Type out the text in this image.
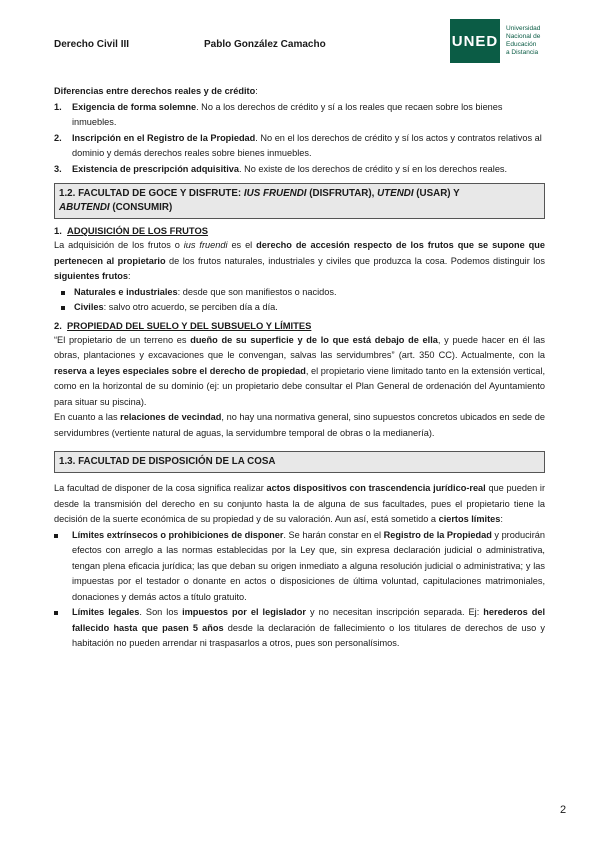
Derecho Civil III	Pablo González Camacho	UNED
Universidad
Nacional de
Educación
a Distancia

Diferencias entre derechos reales y de crédito:

1. Exigencia de forma solemne. No a los derechos de crédito y sí a los reales que recaen sobre los bienes inmuebles.
2. Inscripción en el Registro de la Propiedad. No en el los derechos de crédito y sí los actos y contratos relativos al dominio y demás derechos reales sobre bienes inmuebles.
3. Existencia de prescripción adquisitiva. No existe de los derechos de crédito y sí en los derechos reales.
1.2. FACULTAD DE GOCE Y DISFRUTE: IUS FRUENDI (DISFRUTAR), UTENDI (USAR) Y
ABUTENDI (CONSUMIR)
1. ADQUISICIÓN DE LOS FRUTOS

La adquisición de los frutos o ius fruendi es el derecho de accesión respecto de los frutos que se supone que pertenecen al propietario de los frutos naturales, industriales y civiles que produzca la cosa. Podemos distinguir los siguientes frutos:

Naturales e industriales: desde que son manifiestos o nacidos.
Civiles: salvo otro acuerdo, se perciben día a día.
2. PROPIEDAD DEL SUELO Y DEL SUBSUELO Y LÍMITES

“El propietario de un terreno es dueño de su superficie y de lo que está debajo de ella, y puede hacer en él las obras, plantaciones y excavaciones que le convengan, salvas las servidumbres” (art. 350 CC). Actualmente, con la reserva a leyes especiales sobre el derecho de propiedad, el propietario viene limitado tanto en la extensión vertical, como en la horizontal de su dominio (ej: un propietario debe consultar el Plan General de ordenación del Ayuntamiento para situar su piscina).

En cuanto a las relaciones de vecindad, no hay una normativa general, sino supuestos concretos ubicados en sede de servidumbres (vertiente natural de aguas, la servidumbre temporal de obras o la medianería).

1.3. FACULTAD DE DISPOSICIÓN DE LA COSA

La facultad de disponer de la cosa significa realizar actos dispositivos con trascendencia jurídico-real que pueden ir desde la transmisión del derecho en su conjunto hasta la de alguna de sus facultades, pues el propietario tiene la decisión de la suerte económica de su propiedad y de su valoración. Aun así, está sometido a ciertos límites:

Límites extrínsecos o prohibiciones de disponer. Se harán constar en el Registro de la Propiedad y producirán efectos con arreglo a las normas establecidas por la Ley que, sin expresa declaración judicial o administrativa, tengan plena eficacia jurídica; las que deban su origen inmediato a alguna resolución judicial o administrativa; y las impuestas por el testador o donante en actos o disposiciones de última voluntad, capitulaciones matrimoniales, donaciones y demás actos a título gratuito.
Límites legales. Son los impuestos por el legislador y no necesitan inscripción separada. Ej: herederos del fallecido hasta que pasen 5 años desde la declaración de fallecimiento o los titulares de derechos de uso y habitación no pueden arrendar ni traspasarlos a otros, pues son personalísimos.
2
